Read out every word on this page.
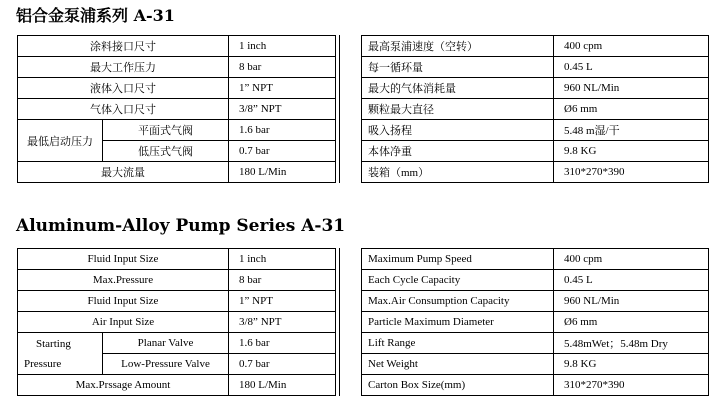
铝合金泵浦系列 A-31
涂料接口尺寸		1 inch
最大工作压力		8 bar
液体入口尺寸		1” NPT
气体入口尺寸		3/8” NPT
最低启动压力	平面式气阀	1.6 bar
	低压式气阀	0.7 bar
最大流量		180 L/Min
最高泵浦速度（空转）	400 cpm
每一循环量	0.45 L
最大的气体消耗量	960 NL/Min
颗粒最大直径	Ø6 mm
吸入扬程	5.48 m湿/干
本体净重	9.8 KG
装箱（mm）	310*270*390
Aluminum-Alloy Pump Series A-31
Fluid Input Size		1 inch
Max.Pressure		8 bar
Fluid Input Size		1” NPT
Air Input Size		3/8” NPT

Starting
Pressure	Planar Valve	1.6 bar
	Low-Pressure Valve	0.7 bar
Max.Prssage Amount		180 L/Min
Maximum Pump Speed	400 cpm
Each Cycle Capacity	0.45 L
Max.Air Consumption Capacity	960 NL/Min
Particle Maximum Diameter	Ø6 mm
Lift Range	5.48mWet；5.48m Dry
Net Weight	9.8 KG
Carton Box Size(mm)	310*270*390
